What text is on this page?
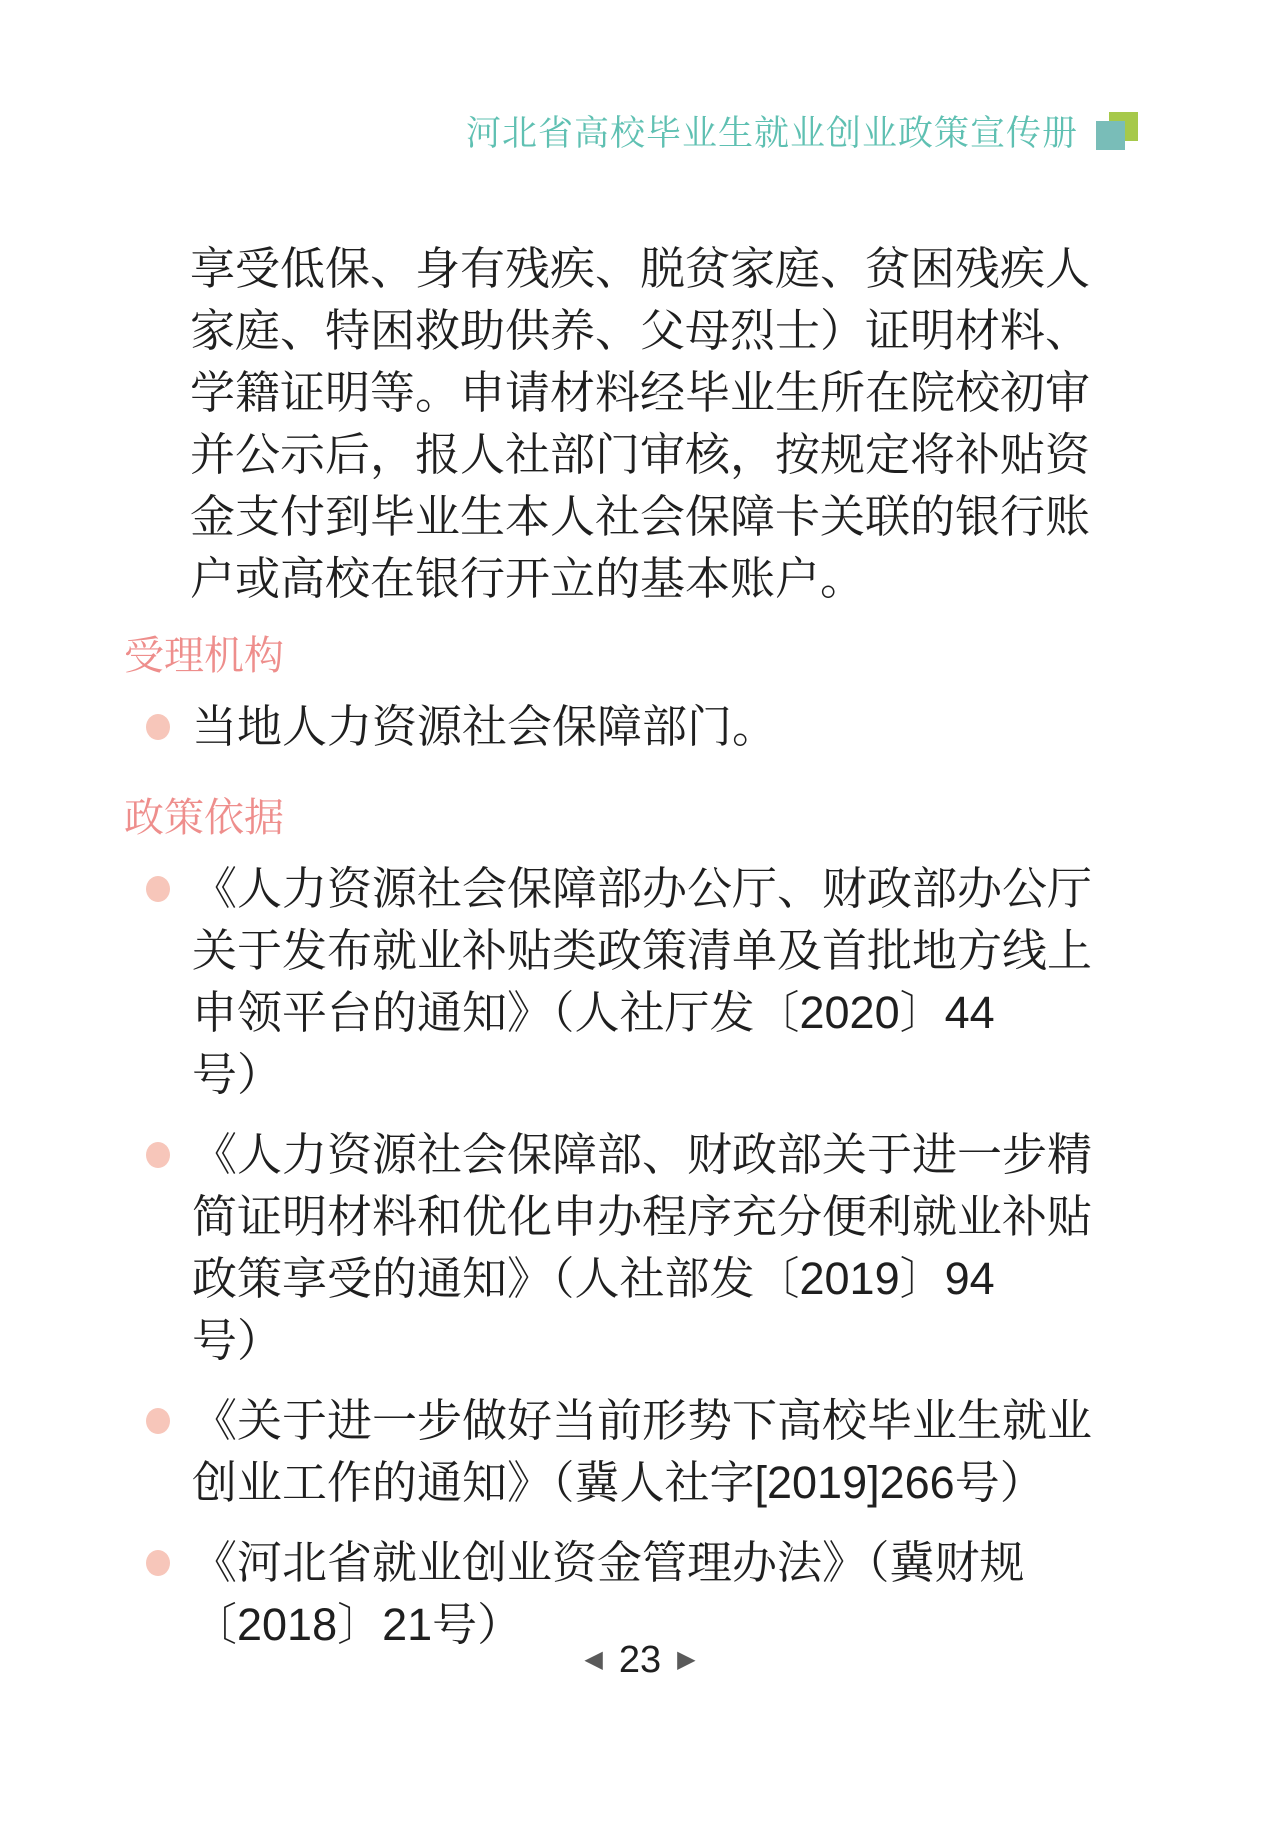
河北省高校毕业生就业创业政策宣传册
享受低保、身有残疾、脱贫家庭、贫困残疾人
家庭、特困救助供养、父母烈士）证明材料、
学籍证明等。申请材料经毕业生所在院校初审
并公示后，报人社部门审核，按规定将补贴资
金支付到毕业生本人社会保障卡关联的银行账
户或高校在银行开立的基本账户。
受理机构
当地人力资源社会保障部门。
政策依据
《人力资源社会保障部办公厅、财政部办公厅
关于发布就业补贴类政策清单及首批地方线上
申领平台的通知》（人社厅发〔2020〕44
号）
《人力资源社会保障部、财政部关于进一步精
简证明材料和优化申办程序充分便利就业补贴
政策享受的通知》（人社部发〔2019〕94
号）
《关于进一步做好当前形势下高校毕业生就业
创业工作的通知》（冀人社字[2019]266号）
《河北省就业创业资金管理办法》（冀财规
〔2018〕21号）
◀ 23 ▶
